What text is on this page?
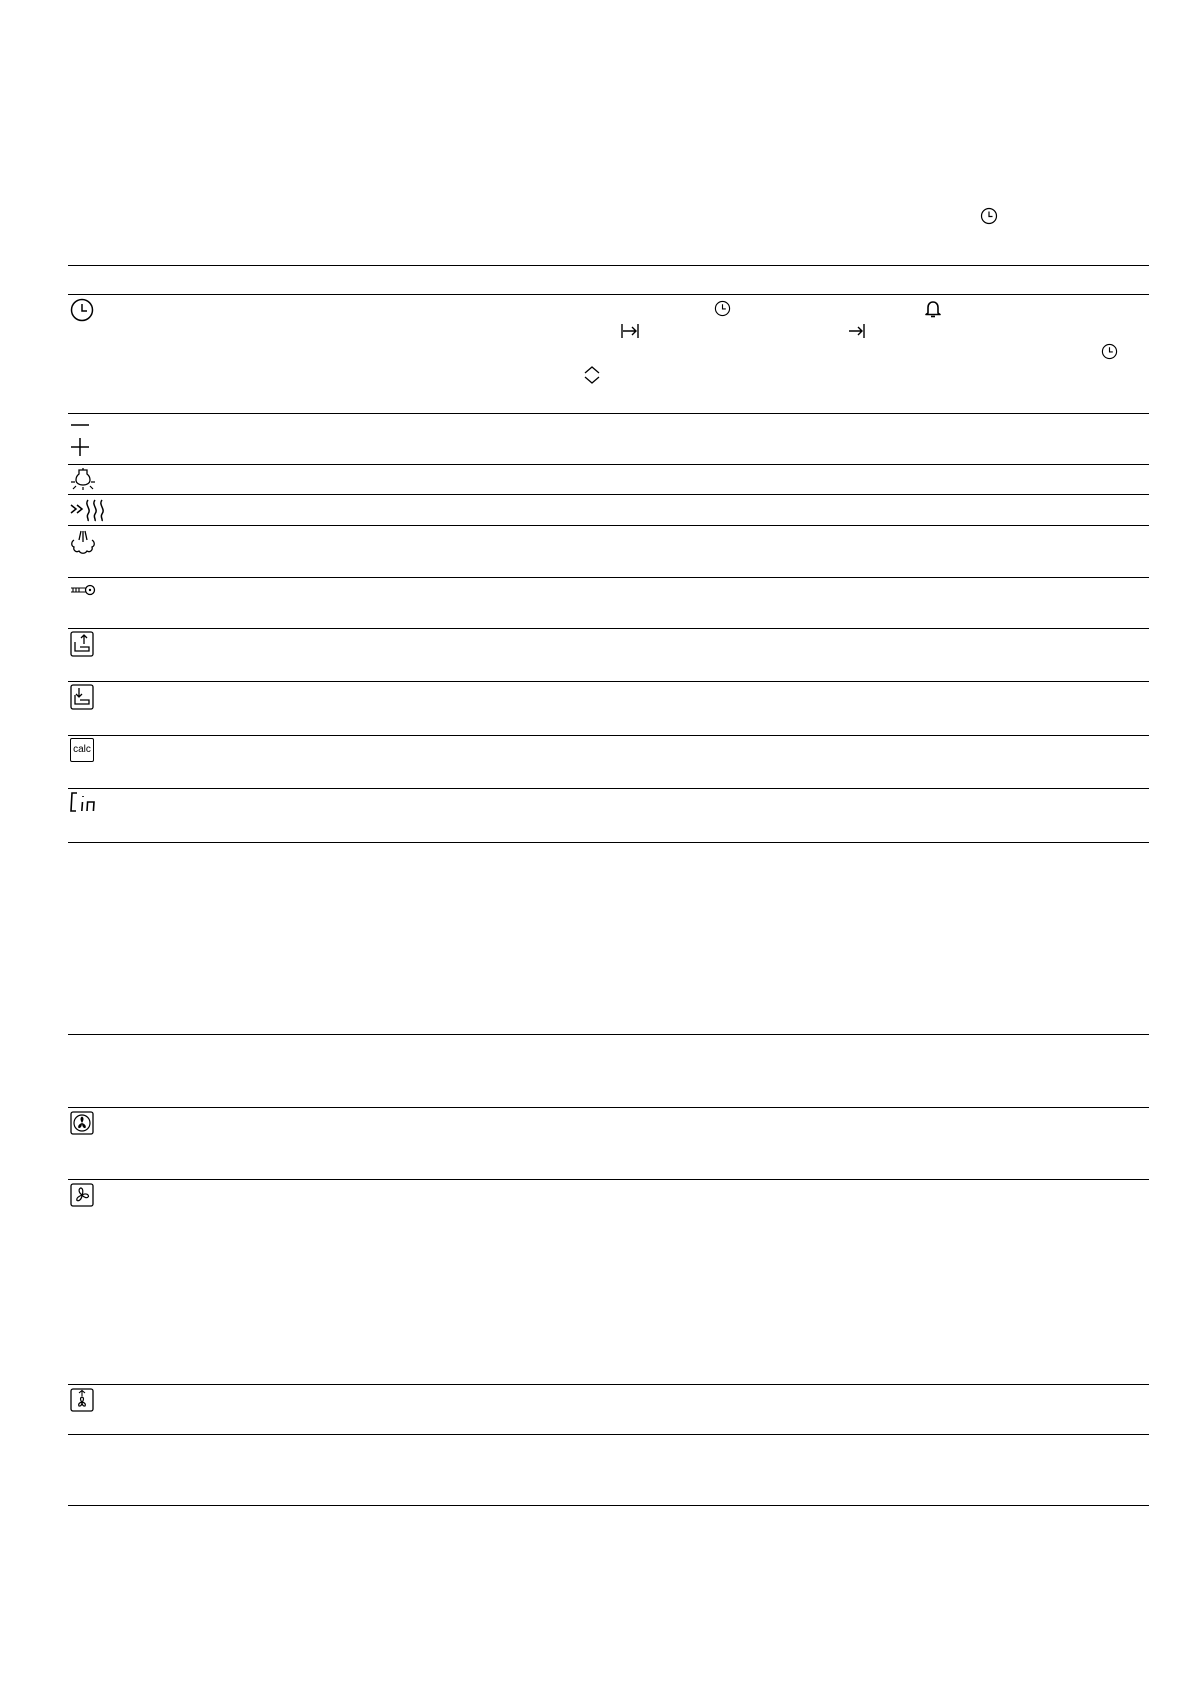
calc
